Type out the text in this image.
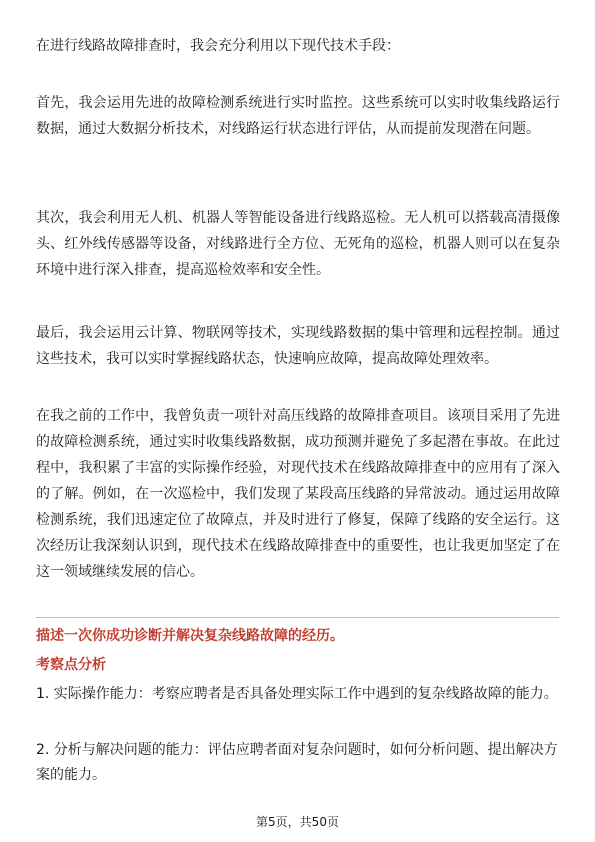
在进行线路故障排查时，我会充分利用以下现代技术手段：

首先，我会运用先进的故障检测系统进行实时监控。这些系统可以实时收集线路运行数据，通过大数据分析技术，对线路运行状态进行评估，从而提前发现潜在问题。

其次，我会利用无人机、机器人等智能设备进行线路巡检。无人机可以搭载高清摄像头、红外线传感器等设备，对线路进行全方位、无死角的巡检，机器人则可以在复杂环境中进行深入排查，提高巡检效率和安全性。

最后，我会运用云计算、物联网等技术，实现线路数据的集中管理和远程控制。通过这些技术，我可以实时掌握线路状态，快速响应故障，提高故障处理效率。

在我之前的工作中，我曾负责一项针对高压线路的故障排查项目。该项目采用了先进的故障检测系统，通过实时收集线路数据，成功预测并避免了多起潜在事故。在此过程中，我积累了丰富的实际操作经验，对现代技术在线路故障排查中的应用有了深入的了解。例如，在一次巡检中，我们发现了某段高压线路的异常波动。通过运用故障检测系统，我们迅速定位了故障点，并及时进行了修复，保障了线路的安全运行。这次经历让我深刻认识到，现代技术在线路故障排查中的重要性，也让我更加坚定了在这一领域继续发展的信心。

描述一次你成功诊断并解决复杂线路故障的经历。

考察点分析

1. 实际操作能力：考察应聘者是否具备处理实际工作中遇到的复杂线路故障的能力。

2. 分析与解决问题的能力：评估应聘者面对复杂问题时，如何分析问题、提出解决方案的能力。

第5页，共50页
